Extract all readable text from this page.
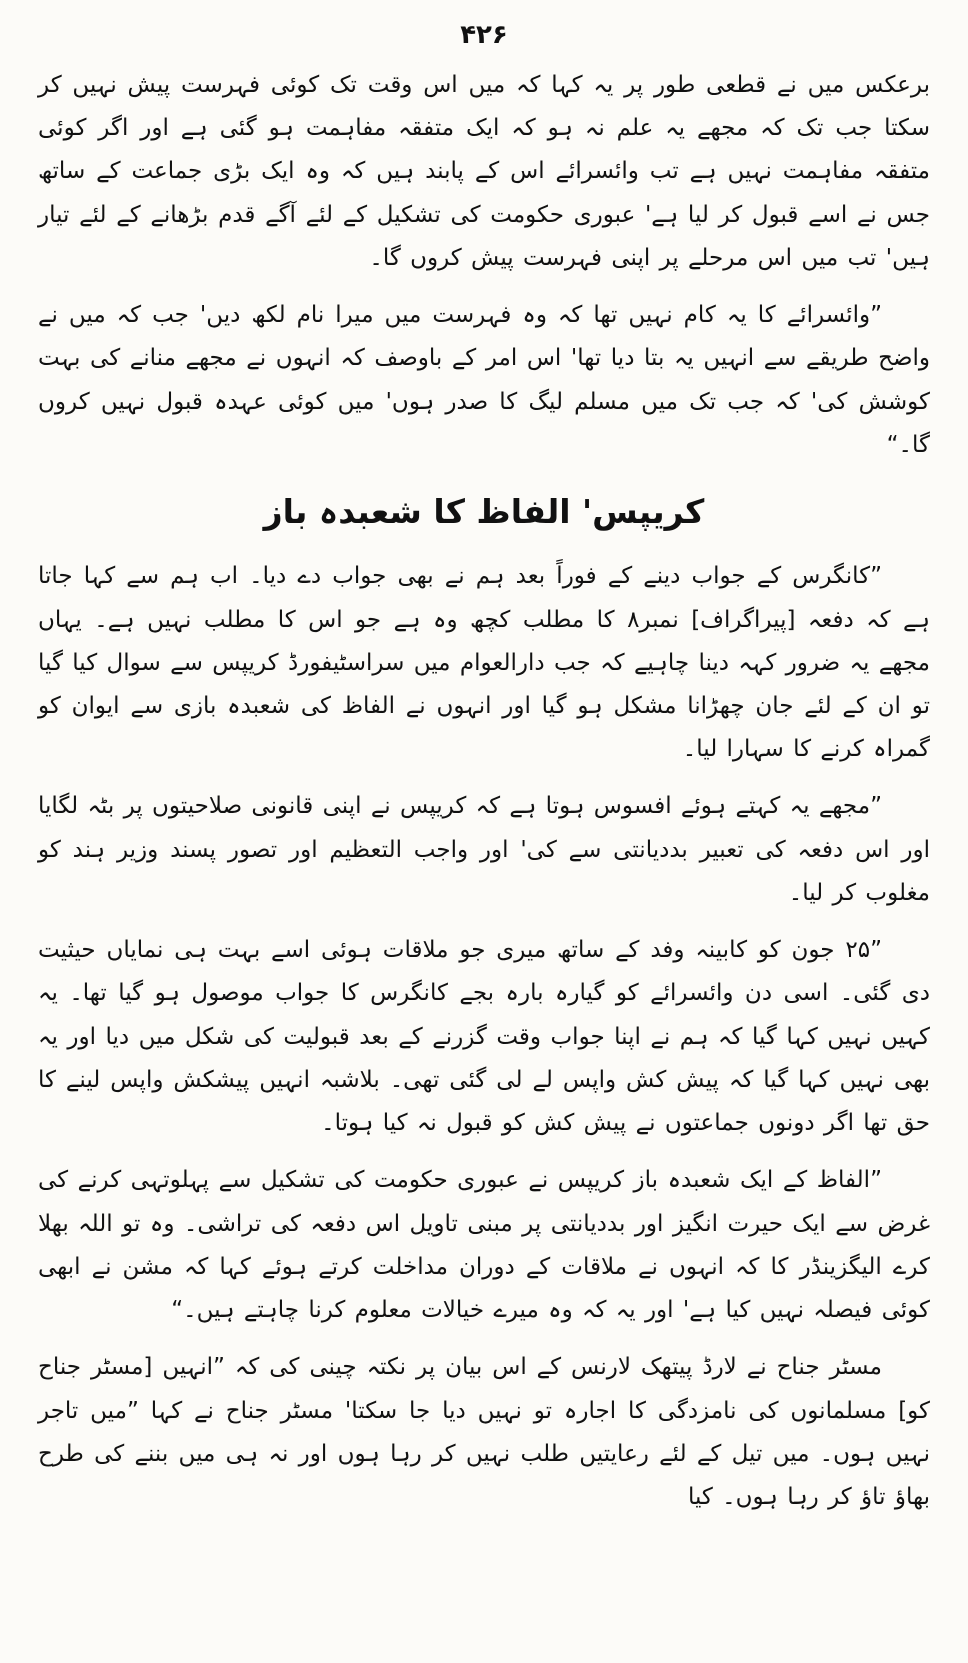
۴۲۶

برعکس میں نے قطعی طور پر یہ کہا کہ میں اس وقت تک کوئی فہرست پیش نہیں کر سکتا جب تک کہ مجھے یہ علم نہ ہو کہ ایک متفقہ مفاہمت ہو گئی ہے اور اگر کوئی متفقہ مفاہمت نہیں ہے تب وائسرائے اس کے پابند ہیں کہ وہ ایک بڑی جماعت کے ساتھ جس نے اسے قبول کر لیا ہے' عبوری حکومت کی تشکیل کے لئے آگے قدم بڑھانے کے لئے تیار ہیں' تب میں اس مرحلے پر اپنی فہرست پیش کروں گا۔

”وائسرائے کا یہ کام نہیں تھا کہ وہ فہرست میں میرا نام لکھ دیں' جب کہ میں نے واضح طریقے سے انہیں یہ بتا دیا تھا' اس امر کے باوصف کہ انہوں نے مجھے منانے کی بہت کوشش کی' کہ جب تک میں مسلم لیگ کا صدر ہوں' میں کوئی عہدہ قبول نہیں کروں گا۔“

کریپس' الفاظ کا شعبدہ باز

”کانگرس کے جواب دینے کے فوراً بعد ہم نے بھی جواب دے دیا۔ اب ہم سے کہا جاتا ہے کہ دفعہ [پیراگراف] نمبر۸ کا مطلب کچھ وہ ہے جو اس کا مطلب نہیں ہے۔ یہاں مجھے یہ ضرور کہہ دینا چاہیے کہ جب دارالعوام میں سراسٹیفورڈ کریپس سے سوال کیا گیا تو ان کے لئے جان چھڑانا مشکل ہو گیا اور انہوں نے الفاظ کی شعبدہ بازی سے ایوان کو گمراہ کرنے کا سہارا لیا۔

”مجھے یہ کہتے ہوئے افسوس ہوتا ہے کہ کریپس نے اپنی قانونی صلاحیتوں پر بٹہ لگایا اور اس دفعہ کی تعبیر بددیانتی سے کی' اور واجب التعظیم اور تصور پسند وزیر ہند کو مغلوب کر لیا۔

”۲۵ جون کو کابینہ وفد کے ساتھ میری جو ملاقات ہوئی اسے بہت ہی نمایاں حیثیت دی گئی۔ اسی دن وائسرائے کو گیارہ بارہ بجے کانگرس کا جواب موصول ہو گیا تھا۔ یہ کہیں نہیں کہا گیا کہ ہم نے اپنا جواب وقت گزرنے کے بعد قبولیت کی شکل میں دیا اور یہ بھی نہیں کہا گیا کہ پیش کش واپس لے لی گئی تھی۔ بلاشبہ انہیں پیشکش واپس لینے کا حق تھا اگر دونوں جماعتوں نے پیش کش کو قبول نہ کیا ہوتا۔

”الفاظ کے ایک شعبدہ باز کریپس نے عبوری حکومت کی تشکیل سے پہلوتہی کرنے کی غرض سے ایک حیرت انگیز اور بددیانتی پر مبنی تاویل اس دفعہ کی تراشی۔ وہ تو اللہ بھلا کرے الیگزینڈر کا کہ انہوں نے ملاقات کے دوران مداخلت کرتے ہوئے کہا کہ مشن نے ابھی کوئی فیصلہ نہیں کیا ہے' اور یہ کہ وہ میرے خیالات معلوم کرنا چاہتے ہیں۔“

مسٹر جناح نے لارڈ پیتھک لارنس کے اس بیان پر نکتہ چینی کی کہ ”انہیں [مسٹر جناح کو] مسلمانوں کی نامزدگی کا اجارہ تو نہیں دیا جا سکتا' مسٹر جناح نے کہا ”میں تاجر نہیں ہوں۔ میں تیل کے لئے رعایتیں طلب نہیں کر رہا ہوں اور نہ ہی میں بننے کی طرح بھاؤ تاؤ کر رہا ہوں۔ کیا
